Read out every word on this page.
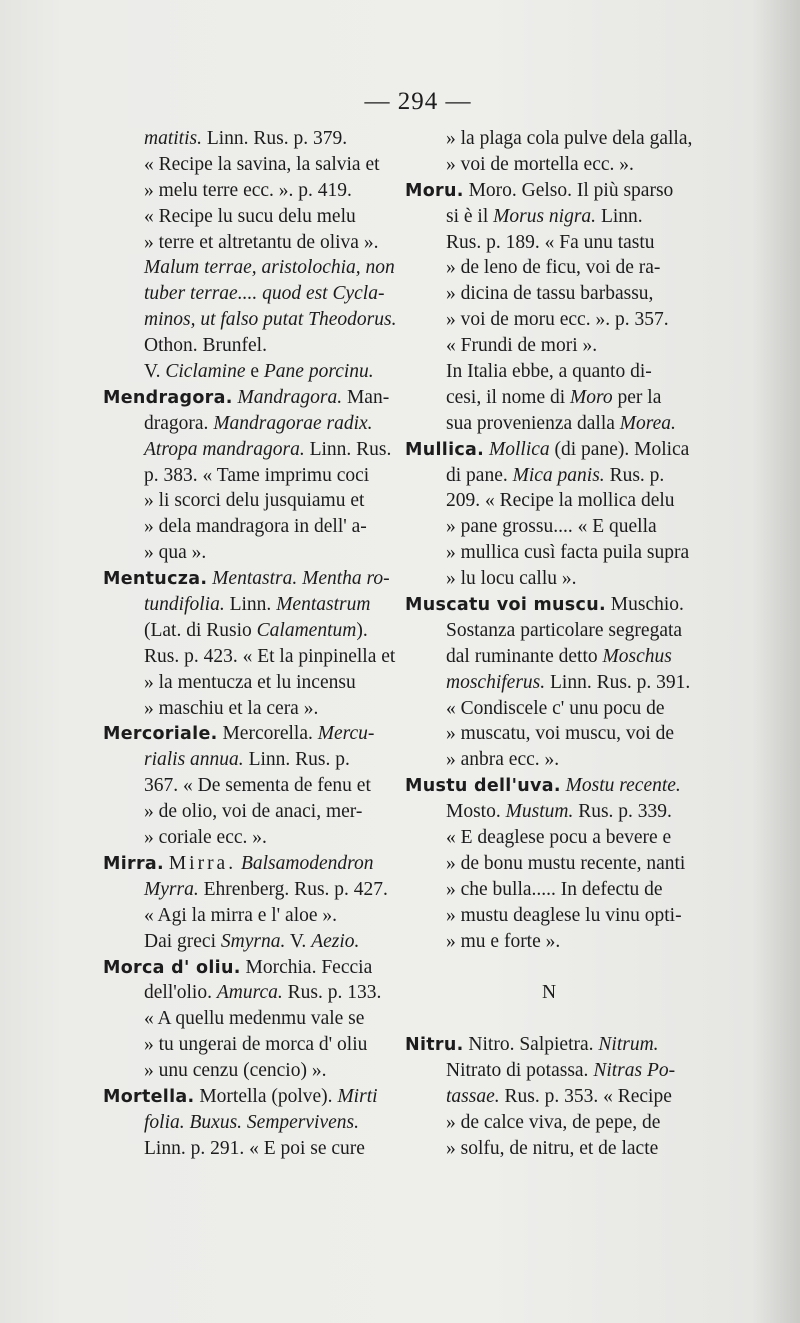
— 294 —
matitis. Linn. Rus. p. 379.
« Recipe la savina, la salvia et
» melu terre ecc. ». p. 419.
« Recipe lu sucu delu melu
» terre et altretantu de oliva ».
Malum terrae, aristolochia, non
tuber terrae.... quod est Cycla-
minos, ut falso putat Theodorus.
Othon. Brunfel.
V. Ciclamine e Pane porcinu.
Mendragora. Mandragora. Man-
dragora. Mandragorae radix.
Atropa mandragora. Linn. Rus.
p. 383. « Tame imprimu coci
» li scorci delu jusquiamu et
» dela mandragora in dell' a-
» qua ».
Mentucza. Mentastra. Mentha ro-
tundifolia. Linn. Mentastrum
(Lat. di Rusio Calamentum).
Rus. p. 423. « Et la pinpinella et
» la mentucza et lu incensu
» maschiu et la cera ».
Mercoriale. Mercorella. Mercu-
rialis annua. Linn. Rus. p.
367. « De sementa de fenu et
» de olio, voi de anaci, mer-
» coriale ecc. ».
Mirra. Mirra. Balsamodendron
Myrra. Ehrenberg. Rus. p. 427.
« Agi la mirra e l' aloe ».
Dai greci Smyrna. V. Aezio.
Morca d' oliu. Morchia. Feccia
dell'olio. Amurca. Rus. p. 133.
« A quellu medenmu vale se
» tu ungerai de morca d' oliu
» unu cenzu (cencio) ».
Mortella. Mortella (polve). Mirti
folia. Buxus. Sempervivens.
Linn. p. 291. « E poi se cure
» la plaga cola pulve dela galla,
» voi de mortella ecc. ».
Moru. Moro. Gelso. Il più sparso
si è il Morus nigra. Linn.
Rus. p. 189. « Fa unu tastu
» de leno de ficu, voi de ra-
» dicina de tassu barbassu,
» voi de moru ecc. ». p. 357.
« Frundi de mori ».
In Italia ebbe, a quanto di-
cesi, il nome di Moro per la
sua provenienza dalla Morea.
Mullica. Mollica (di pane). Molica
di pane. Mica panis. Rus. p.
209. « Recipe la mollica delu
» pane grossu.... « E quella
» mullica cusì facta puila supra
» lu locu callu ».
Muscatu voi muscu. Muschio.
Sostanza particolare segregata
dal ruminante detto Moschus
moschiferus. Linn. Rus. p. 391.
« Condiscele c' unu pocu de
» muscatu, voi muscu, voi de
» anbra ecc. ».
Mustu dell'uva. Mostu recente.
Mosto. Mustum. Rus. p. 339.
« E deaglese pocu a bevere e
» de bonu mustu recente, nanti
» che bulla..... In defectu de
» mustu deaglese lu vinu opti-
» mu e forte ».
N
Nitru. Nitro. Salpietra. Nitrum.
Nitrato di potassa. Nitras Po-
tassae. Rus. p. 353. « Recipe
» de calce viva, de pepe, de
» solfu, de nitru, et de lacte
